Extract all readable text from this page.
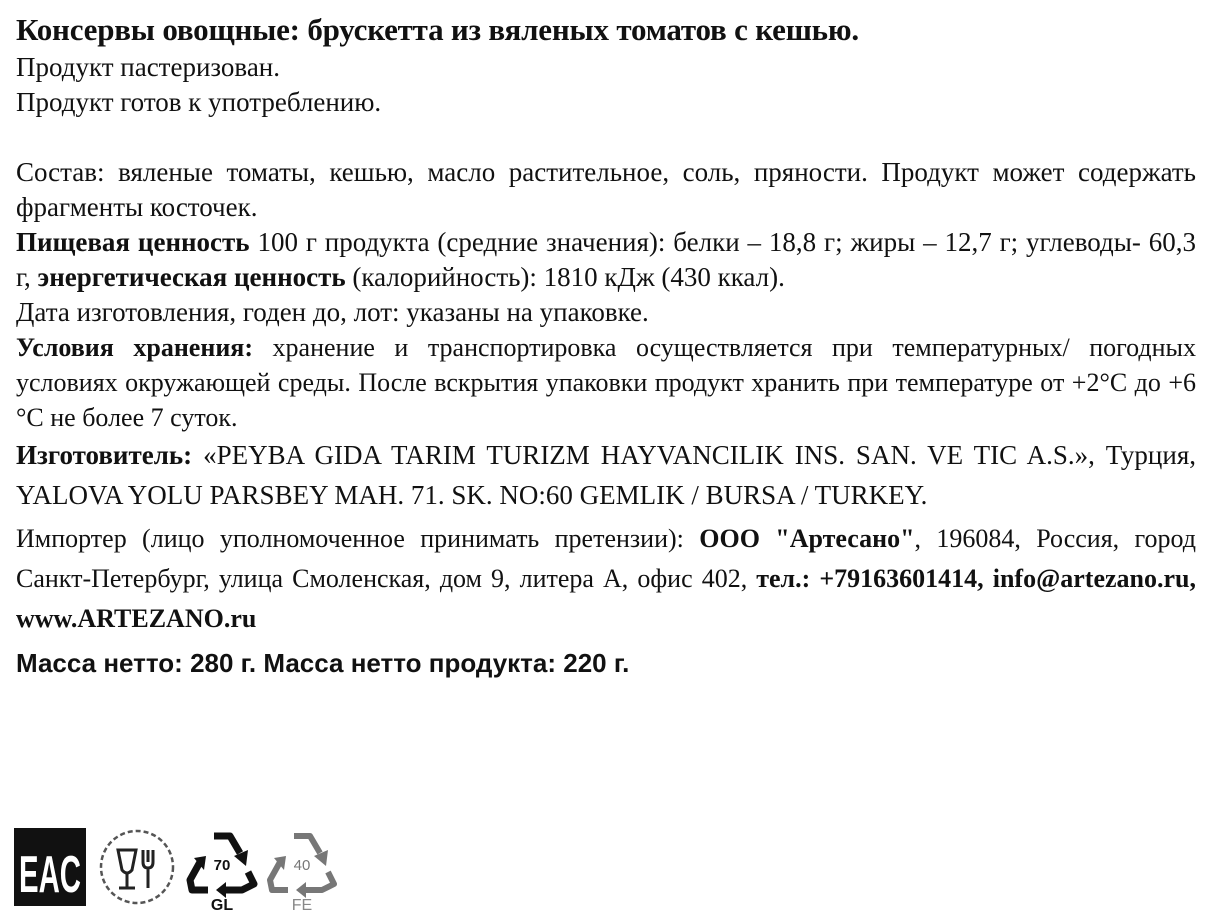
Консервы овощные: брускетта из вяленых томатов с кешью.
Продукт пастеризован.
Продукт готов к употреблению.
Состав: вяленые томаты, кешью, масло растительное, соль, пряности. Продукт может содержать фрагменты косточек.
Пищевая ценность 100 г продукта (средние значения): белки – 18,8 г; жиры – 12,7 г; углеводы- 60,3 г, энергетическая ценность (калорийность): 1810 кДж (430 ккал).
Дата изготовления, годен до, лот: указаны на упаковке.
Условия хранения: хранение и транспортировка осуществляется при температурных/ погодных условиях окружающей среды. После вскрытия упаковки продукт хранить при температуре от +2°С до +6 °С не более 7 суток.
Изготовитель: «PEYBA GIDA TARIM TURIZM HAYVANCILIK INS. SAN. VE TIC A.S.», Турция, YALOVA YOLU PARSBEY MAH. 71. SK. NO:60 GEMLIK / BURSA / TURKEY.
Импортер (лицо уполномоченное принимать претензии): ООО "Артесано", 196084, Россия, город Санкт-Петербург, улица Смоленская, дом 9, литера А, офис 402, тел.: +79163601414, info@artezano.ru, www.ARTEZANO.ru
Масса нетто: 280 г. Масса нетто продукта: 220 г.
EAC	70
GL
40
FE
